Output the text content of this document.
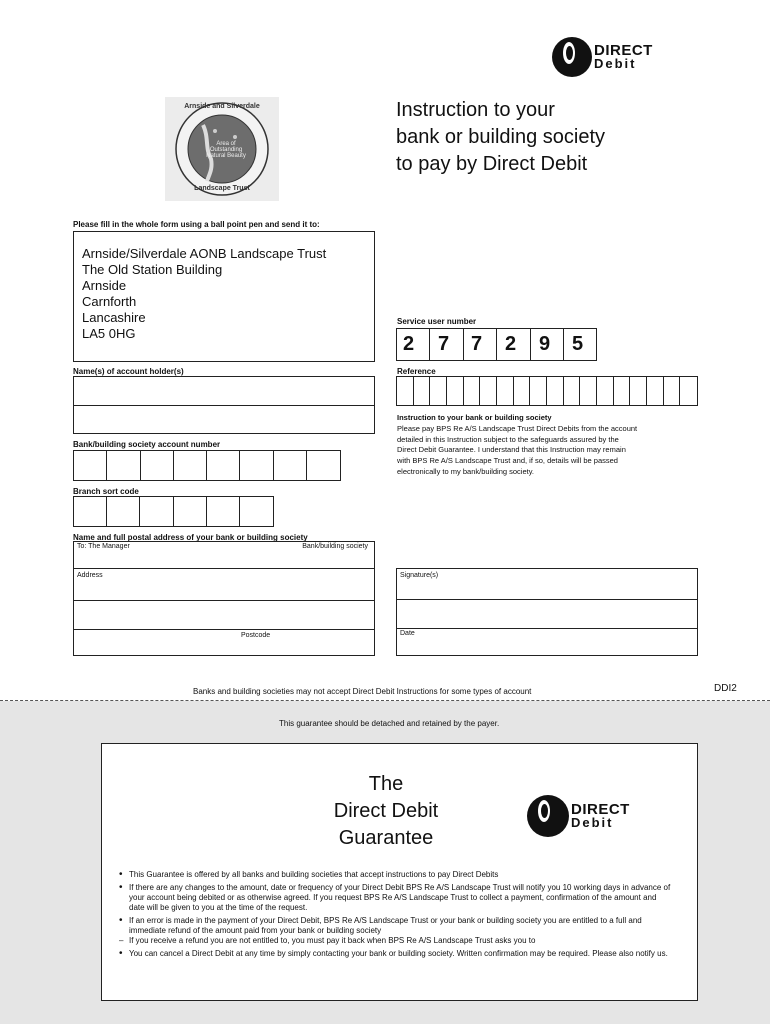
DIRECT
Debit
Arnside and Silverdale
Area of Outstanding Natural Beauty
Landscape Trust
Instruction to your
bank or building society
to pay by Direct Debit
Please fill in the whole form using a ball point pen and send it to:
Arnside/Silverdale AONB Landscape Trust
The Old Station Building
Arnside
Carnforth
Lancashire
LA5 0HG
Service user number
2	7	7	2	9	5
Name(s) of account holder(s)	Reference
Instruction to your bank or building society
Please pay BPS Re A/S Landscape Trust Direct Debits from the account
detailed in this Instruction subject to the safeguards assured by the
Direct Debit Guarantee. I understand that this Instruction may remain
with BPS Re A/S Landscape Trust and, if so, details will be passed
electronically to my bank/building society.
Bank/building society account number
Branch sort code
Name and full postal address of your bank or building society
To: The Manager	Bank/building society
Address
Postcode
Signature(s)
Date
Banks and building societies may not accept Direct Debit Instructions for some types of account	DDI2
This guarantee should be detached and retained by the payer.
The
Direct Debit
Guarantee
DIRECT
Debit
• This Guarantee is offered by all banks and building societies that accept instructions to pay Direct Debits
• If there are any changes to the amount, date or frequency of your Direct Debit BPS Re A/S Landscape Trust will notify you 10 working days in advance of your account being debited or as otherwise agreed. If you request BPS Re A/S Landscape Trust to collect a payment, confirmation of the amount and date will be given to you at the time of the request.
• If an error is made in the payment of your Direct Debit, BPS Re A/S Landscape Trust or your bank or building society you are entitled to a full and immediate refund of the amount paid from your bank or building society
– If you receive a refund you are not entitled to, you must pay it back when BPS Re A/S Landscape Trust asks you to
• You can cancel a Direct Debit at any time by simply contacting your bank or building society. Written confirmation may be required. Please also notify us.
